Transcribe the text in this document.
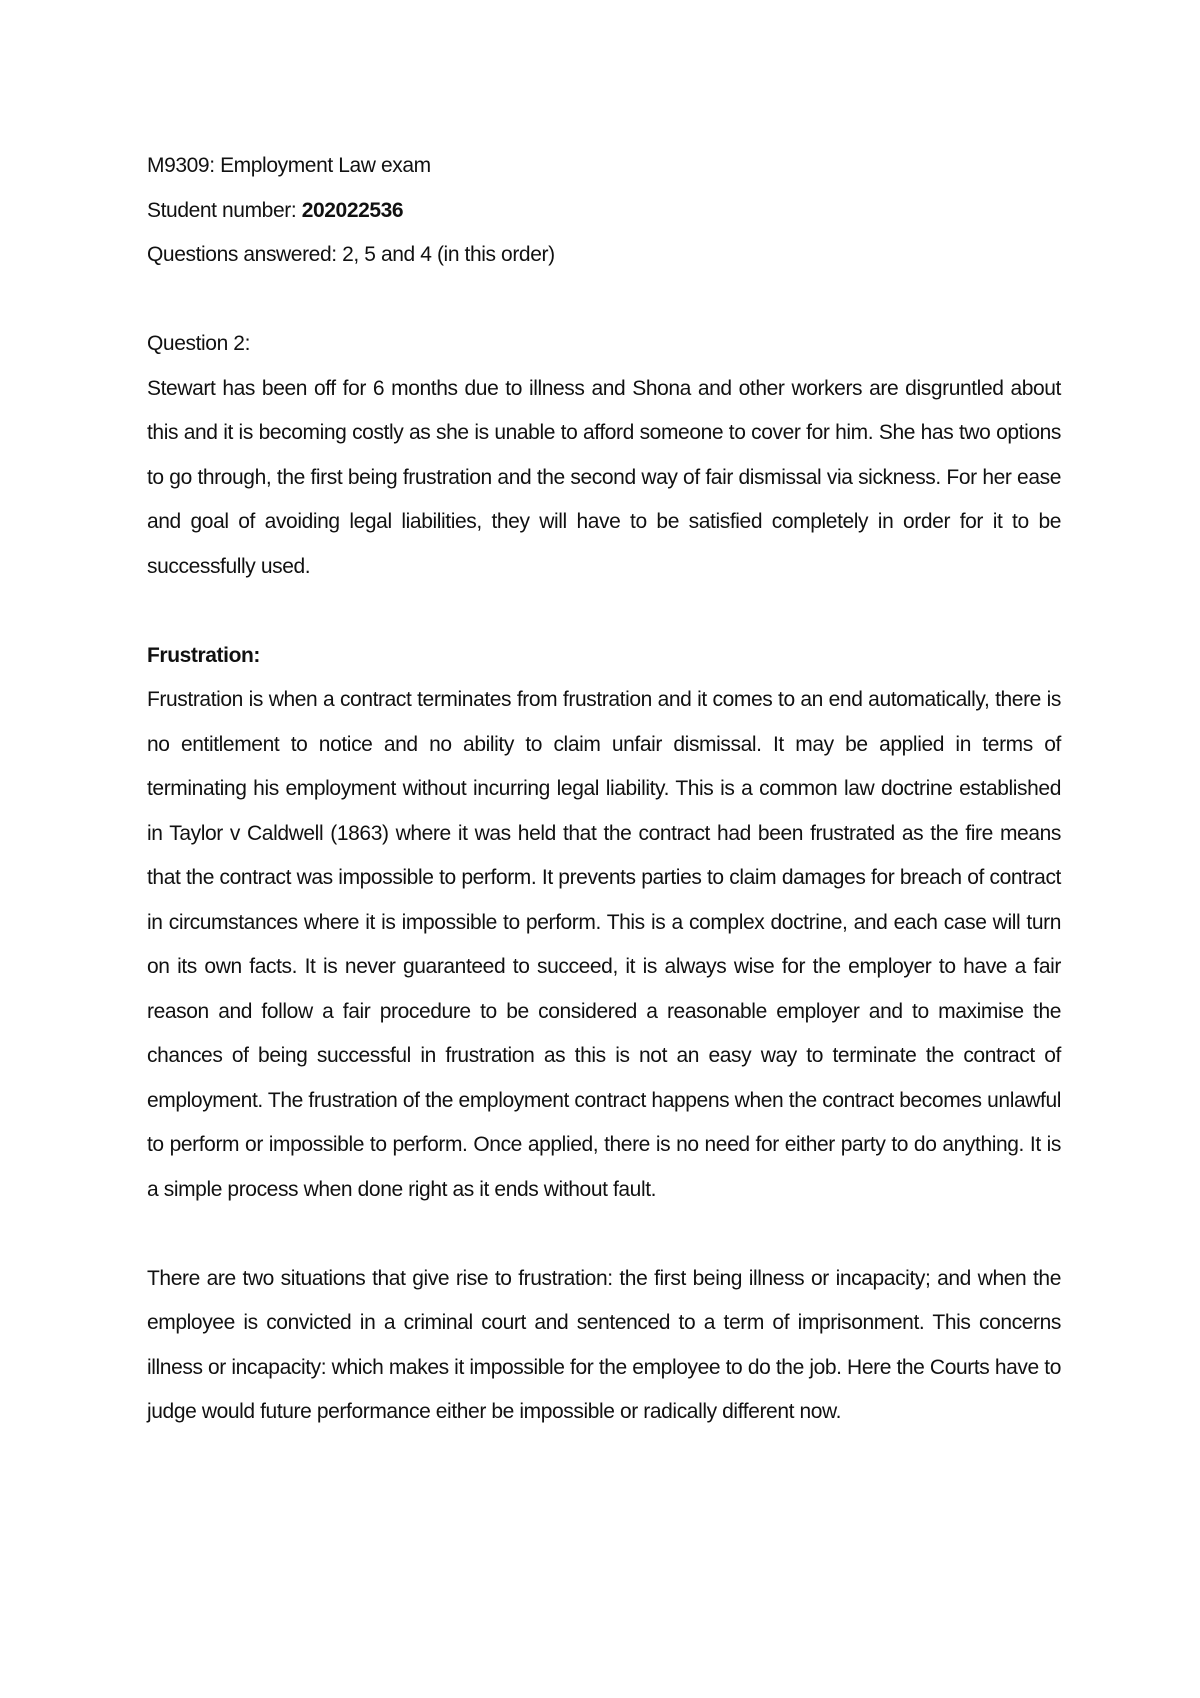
M9309: Employment Law exam

Student number: 202022536

Questions answered: 2, 5 and 4 (in this order)

Question 2:

Stewart has been off for 6 months due to illness and Shona and other workers are disgruntled about this and it is becoming costly as she is unable to afford someone to cover for him. She has two options to go through, the first being frustration and the second way of fair dismissal via sickness. For her ease and goal of avoiding legal liabilities, they will have to be satisfied completely in order for it to be successfully used.

Frustration:

Frustration is when a contract terminates from frustration and it comes to an end automatically, there is no entitlement to notice and no ability to claim unfair dismissal. It may be applied in terms of terminating his employment without incurring legal liability. This is a common law doctrine established in Taylor v Caldwell (1863) where it was held that the contract had been frustrated as the fire means that the contract was impossible to perform. It prevents parties to claim damages for breach of contract in circumstances where it is impossible to perform. This is a complex doctrine, and each case will turn on its own facts. It is never guaranteed to succeed, it is always wise for the employer to have a fair reason and follow a fair procedure to be considered a reasonable employer and to maximise the chances of being successful in frustration as this is not an easy way to terminate the contract of employment. The frustration of the employment contract happens when the contract becomes unlawful to perform or impossible to perform. Once applied, there is no need for either party to do anything. It is a simple process when done right as it ends without fault.

There are two situations that give rise to frustration: the first being illness or incapacity; and when the employee is convicted in a criminal court and sentenced to a term of imprisonment. This concerns illness or incapacity: which makes it impossible for the employee to do the job. Here the Courts have to judge would future performance either be impossible or radically different now.
